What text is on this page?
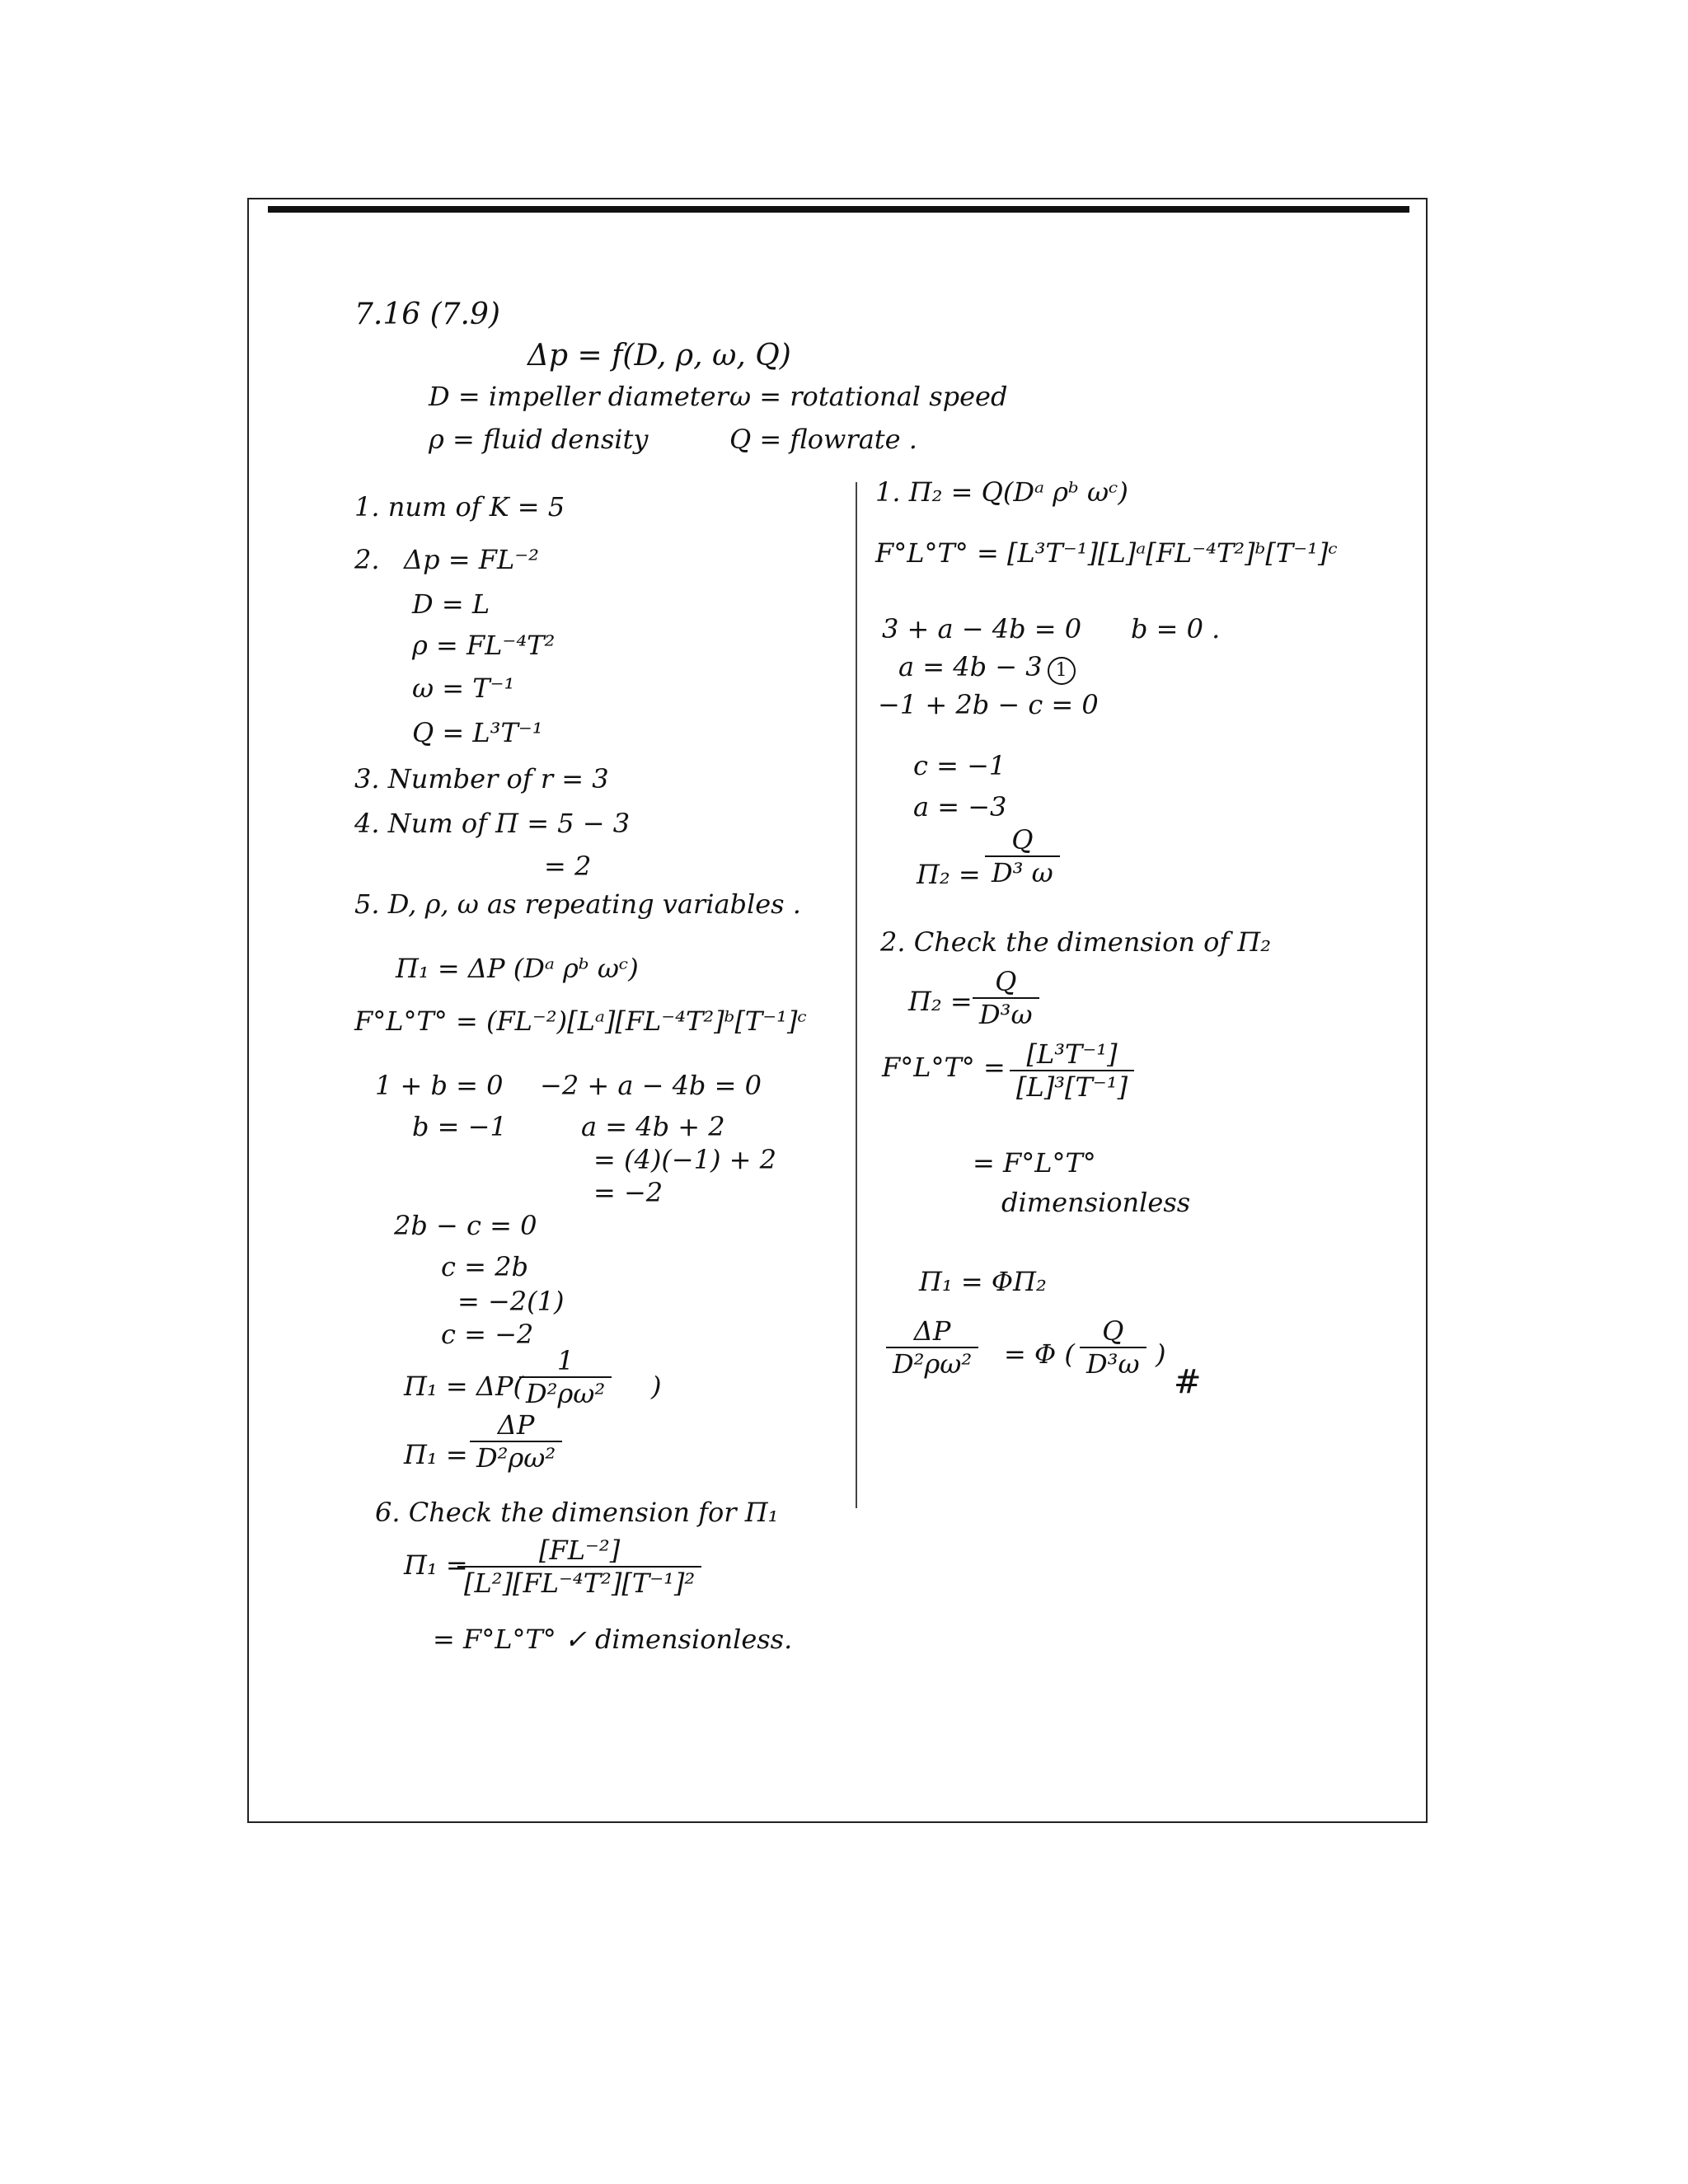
7.16 (7.9)
Δp = f(D, ρ, ω, Q)
D = impeller diameter ω = rotational speed
ρ = fluid density	Q = flowrate .
1. num of K = 5
2. Δp = FL⁻²
D = L
ρ = FL⁻⁴T²
ω = T⁻¹
Q = L³T⁻¹
3. Number of r = 3
4. Num of Π = 5 − 3
= 2
5. D, ρ, ω as repeating variables .
Π₁ = ΔP (Dᵃ ρᵇ ωᶜ)
F°L°T° = (FL⁻²)[Lᵃ][FL⁻⁴T²]ᵇ[T⁻¹]ᶜ
1 + b = 0
b = −1
−2 + a − 4b = 0
a = 4b + 2
= (4)(−1) + 2
= −2
2b − c = 0
c = 2b
= −2(1)
c = −2
Π₁ = ΔP(
$\frac{1}{\text{D²ρω²}}$ )
$\Pi_1 = \frac{\Delta P}{\text{D²ρω²}}$
6. Check the dimension for Π₁
Π₁ =
$\frac{\text{[FL⁻²]}}{\text{[L²][FL⁻⁴T²][T⁻¹]²}}$
= F°L°T° ✓ dimensionless.
1. Π₂ = Q(Dᵃ ρᵇ ωᶜ)
F°L°T° = [L³T⁻¹][L]ᵃ[FL⁻⁴T²]ᵇ[T⁻¹]ᶜ
3 + a − 4b = 0 b = 0 .
a = 4b − 3 1
−1 + 2b − c = 0
c = −1
a = −3
$\Pi_2 = \frac{Q}{\text{D³ ω}}$
2. Check the dimension of Π₂
$\Pi_2 = \frac{Q}{\text{D³ω}}$
$F^\circ L^\circ T^\circ = \frac{\text{[L³T⁻¹]}}{\text{[L]³[T⁻¹]}}$
= F°L°T°
dimensionless
Π₁ = ΦΠ₂
$\frac{\Delta P}{\text{D²ρω²}} = \Phi$ ( $\frac{Q}{\text{D³ω}}$ )
#
